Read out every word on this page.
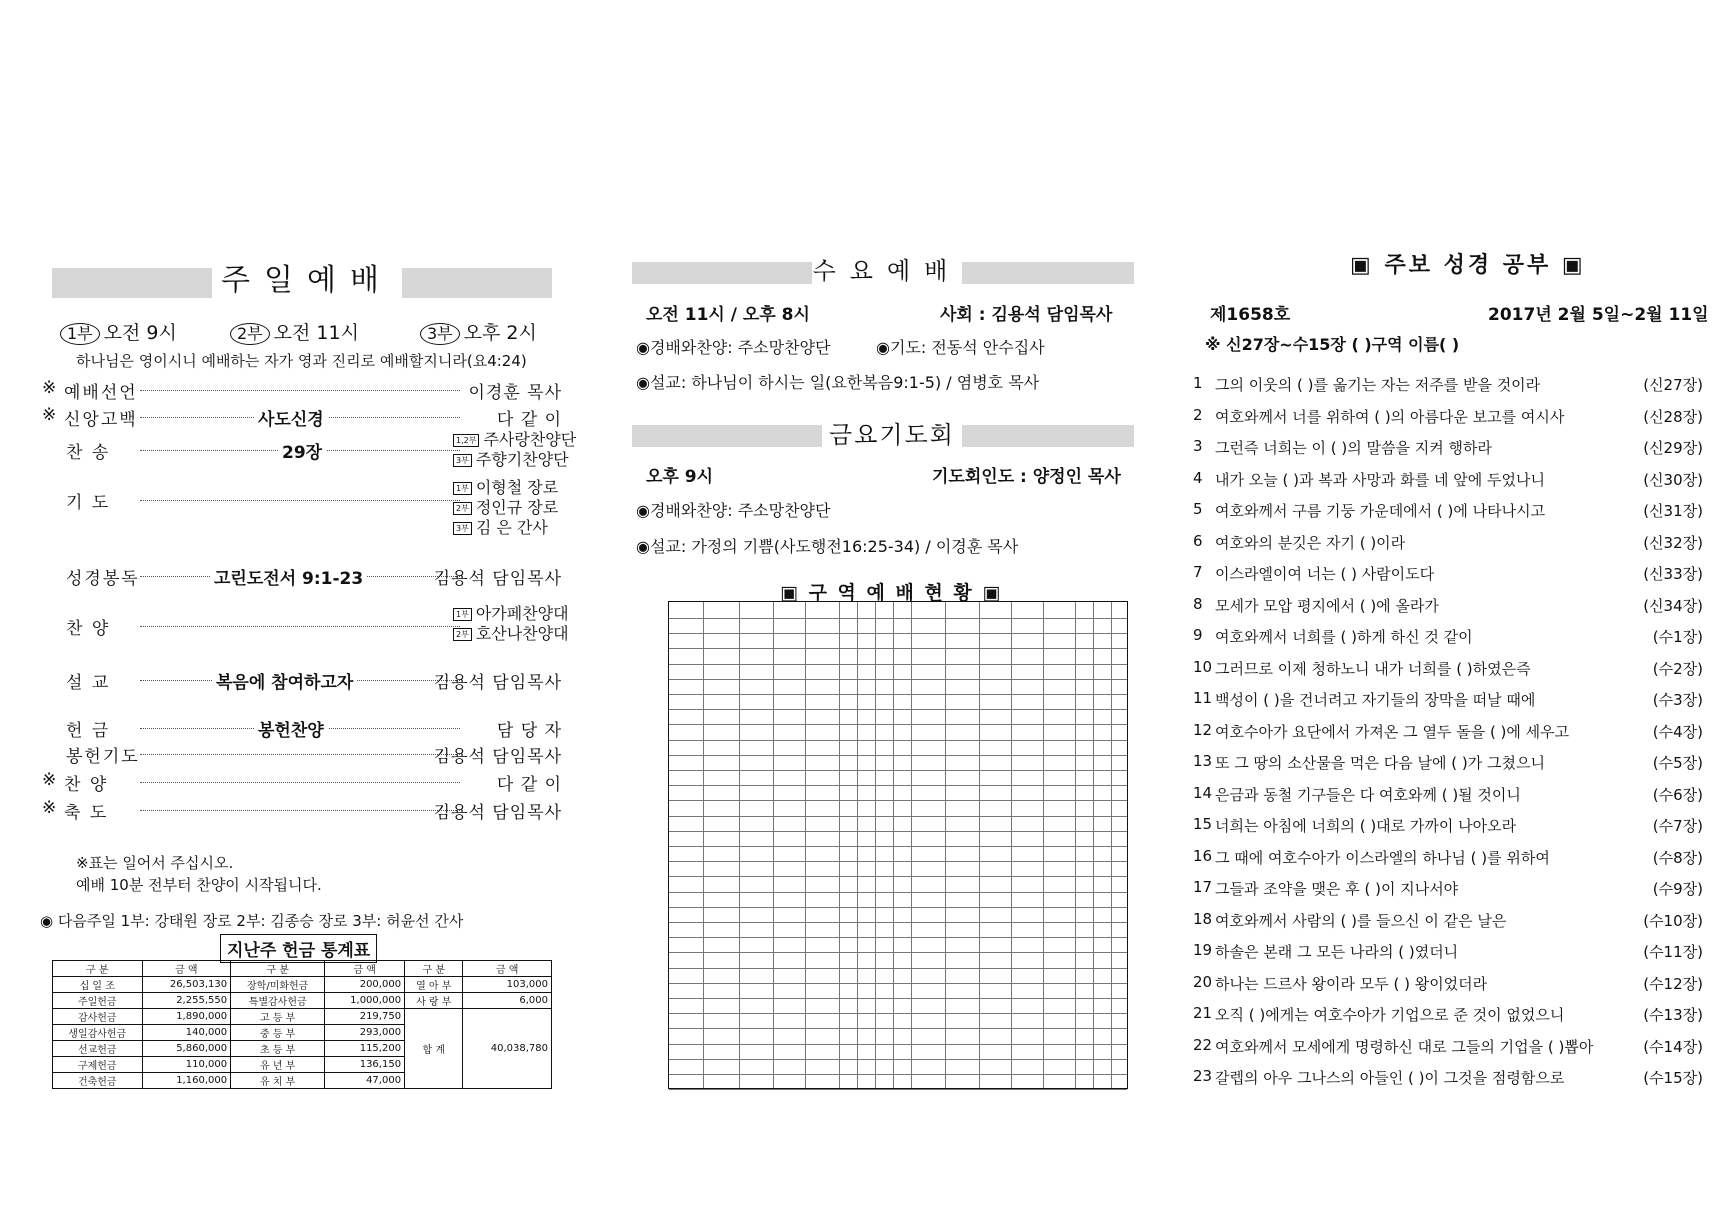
주일예배
1부 오전 9시	2부 오전 11시	3부 오후 2시
하나님은 영이시니 예배하는 자가 영과 진리로 예배할지니라(요4:24)
※ 예배선언	이경훈 목사
※ 신앙고백	사도신경	다 같 이
찬 송	29장
기 도
성경봉독	고린도전서 9:1-23	김용석 담임목사
찬 양
설 교	복음에 참여하고자	김용석 담임목사
헌 금	봉헌찬양	담 당 자
봉헌기도	김용석 담임목사
※ 찬 양	다 같 이
※ 축 도	김용석 담임목사
1,2부 주사랑찬양단
3부 주향기찬양단
1부 이형철 장로
2부 정인규 장로
3부 김 은 간사
1부 아가페찬양대
2부 호산나찬양대
※표는 일어서 주십시오.
예배 10분 전부터 찬양이 시작됩니다.
◉ 다음주일 1부: 강태원 장로 2부: 김종승 장로 3부: 허윤선 간사
지난주 헌금 통계표
구 분	금 액	구 분	금 액	구 분	금 액
십 일 조	26,503,130	장학/미화헌금	200,000	열 아 부	103,000
주일헌금	2,255,550	특별감사헌금	1,000,000	사 랑 부	6,000
감사헌금	1,890,000	고 등 부	219,750	합 계	40,038,780
생일감사헌금	140,000	중 등 부	293,000		
선교헌금	5,860,000	초 등 부	115,200		
구제헌금	110,000	유 년 부	136,150		
건축헌금	1,160,000	유 치 부	47,000		
수요예배
오전 11시 / 오후 8시	사회 : 김용석 담임목사
◉경배와찬양: 주소망찬양단	◉기도: 전동석 안수집사
◉설교: 하나님이 하시는 일(요한복음9:1-5) / 염병호 목사
금요기도회
오후 9시	기도회인도 : 양정인 목사
◉경배와찬양: 주소망찬양단
◉설교: 가정의 기쁨(사도행전16:25-34) / 이경훈 목사
▣ 구 역 예 배 현 황 ▣
▣ 주보 성경 공부 ▣
제1658호	2017년 2월 5일~2월 11일
※ 신27장~수15장 ( )구역 이름( )
1 그의 이웃의 ( )를 옮기는 자는 저주를 받을 것이라	(신27장)
2 여호와께서 너를 위하여 ( )의 아름다운 보고를 여시사	(신28장)
3 그런즉 너희는 이 ( )의 말씀을 지켜 행하라	(신29장)
4 내가 오늘 ( )과 복과 사망과 화를 네 앞에 두었나니	(신30장)
5 여호와께서 구름 기둥 가운데에서 ( )에 나타나시고	(신31장)
6 여호와의 분깃은 자기 ( )이라	(신32장)
7 이스라엘이여 너는 ( ) 사람이도다	(신33장)
8 모세가 모압 평지에서 ( )에 올라가	(신34장)
9 여호와께서 너희를 ( )하게 하신 것 같이	(수1장)
10 그러므로 이제 청하노니 내가 너희를 ( )하였은즉	(수2장)
11 백성이 ( )을 건너려고 자기들의 장막을 떠날 때에	(수3장)
12 여호수아가 요단에서 가져온 그 열두 돌을 ( )에 세우고	(수4장)
13 또 그 땅의 소산물을 먹은 다음 날에 ( )가 그쳤으니	(수5장)
14 은금과 동철 기구들은 다 여호와께 ( )될 것이니	(수6장)
15 너희는 아침에 너희의 ( )대로 가까이 나아오라	(수7장)
16 그 때에 여호수아가 이스라엘의 하나님 ( )를 위하여	(수8장)
17 그들과 조약을 맺은 후 ( )이 지나서야	(수9장)
18 여호와께서 사람의 ( )를 들으신 이 같은 날은	(수10장)
19 하솔은 본래 그 모든 나라의 ( )였더니	(수11장)
20 하나는 드르사 왕이라 모두 ( ) 왕이었더라	(수12장)
21 오직 ( )에게는 여호수아가 기업으로 준 것이 없었으니	(수13장)
22 여호와께서 모세에게 명령하신 대로 그들의 기업을 ( )뽑아	(수14장)
23 갈렙의 아우 그나스의 아들인 ( )이 그것을 점령함으로	(수15장)
